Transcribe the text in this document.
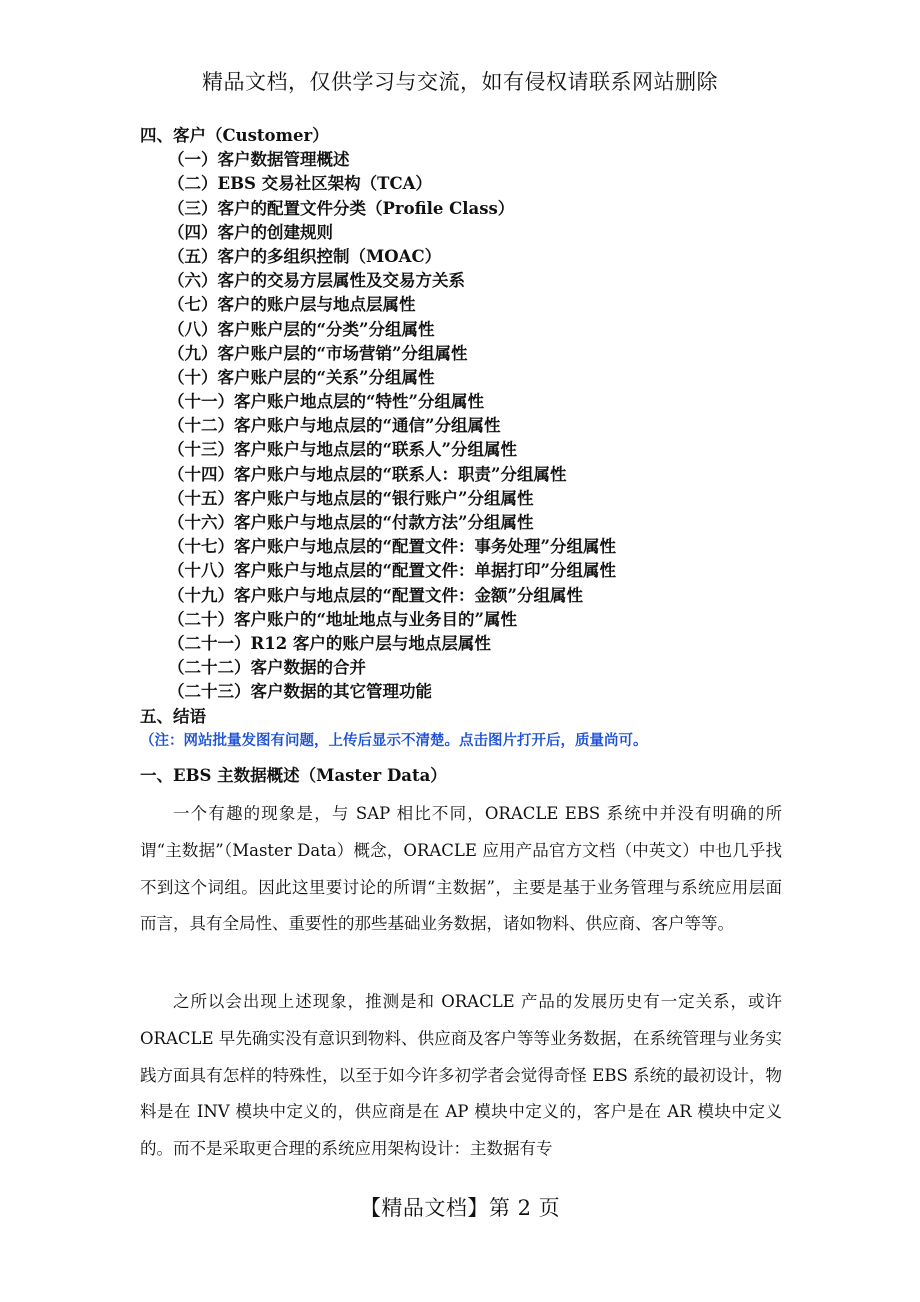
精品文档，仅供学习与交流，如有侵权请联系网站删除
四、客户（Customer）
（一）客户数据管理概述
（二）EBS 交易社区架构（TCA）
（三）客户的配置文件分类（Profile Class）
（四）客户的创建规则
（五）客户的多组织控制（MOAC）
（六）客户的交易方层属性及交易方关系
（七）客户的账户层与地点层属性
（八）客户账户层的“分类”分组属性
（九）客户账户层的“市场营销”分组属性
（十）客户账户层的“关系”分组属性
（十一）客户账户地点层的“特性”分组属性
（十二）客户账户与地点层的“通信”分组属性
（十三）客户账户与地点层的“联系人”分组属性
（十四）客户账户与地点层的“联系人：职责”分组属性
（十五）客户账户与地点层的“银行账户”分组属性
（十六）客户账户与地点层的“付款方法”分组属性
（十七）客户账户与地点层的“配置文件：事务处理”分组属性
（十八）客户账户与地点层的“配置文件：单据打印”分组属性
（十九）客户账户与地点层的“配置文件：金额”分组属性
（二十）客户账户的“地址地点与业务目的”属性
（二十一）R12 客户的账户层与地点层属性
（二十二）客户数据的合并
（二十三）客户数据的其它管理功能
五、结语
（注：网站批量发图有问题，上传后显示不清楚。点击图片打开后，质量尚可。
一、EBS 主数据概述（Master Data）

一个有趣的现象是，与 SAP 相比不同，ORACLE EBS 系统中并没有明确的所谓“主数据”（Master Data）概念，ORACLE 应用产品官方文档（中英文）中也几乎找不到这个词组。因此这里要讨论的所谓“主数据”，主要是基于业务管理与系统应用层面而言，具有全局性、重要性的那些基础业务数据，诸如物料、供应商、客户等等。

之所以会出现上述现象，推测是和 ORACLE 产品的发展历史有一定关系，或许 ORACLE 早先确实没有意识到物料、供应商及客户等等业务数据，在系统管理与业务实践方面具有怎样的特殊性，以至于如今许多初学者会觉得奇怪 EBS 系统的最初设计，物料是在 INV 模块中定义的，供应商是在 AP 模块中定义的，客户是在 AR 模块中定义的。而不是采取更合理的系统应用架构设计：主数据有专

【精品文档】第 2 页
